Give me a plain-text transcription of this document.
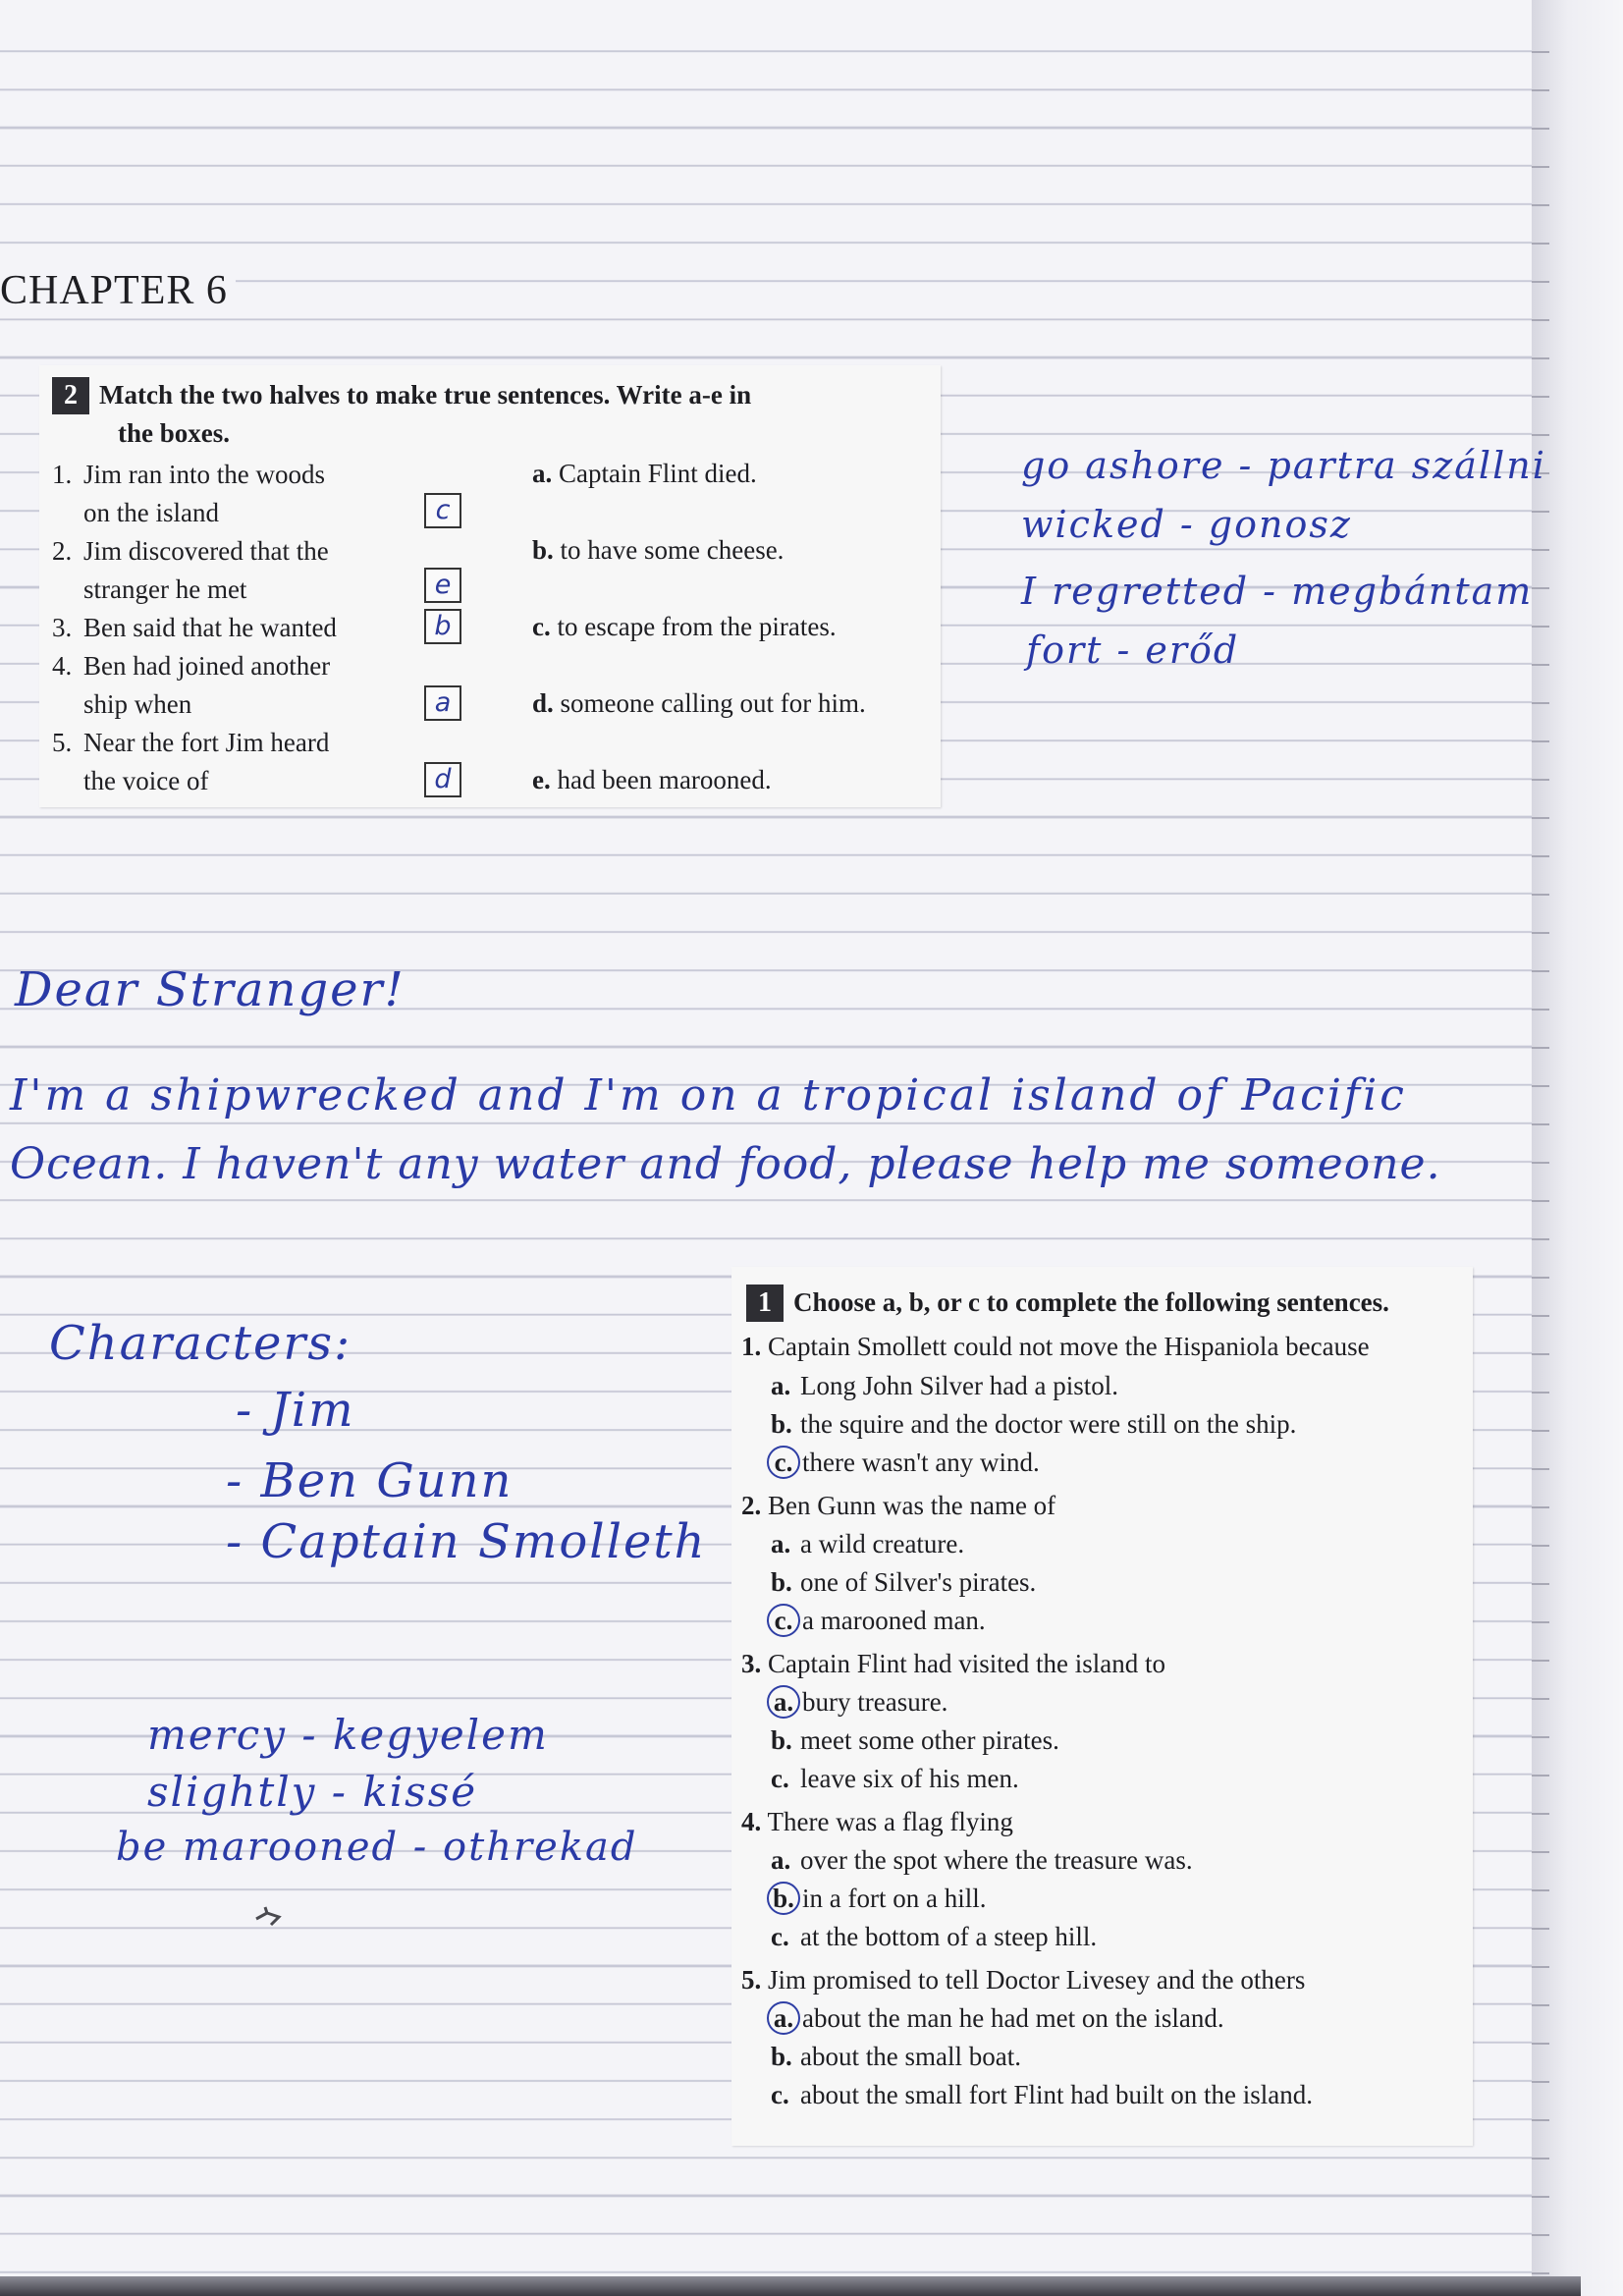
CHAPTER 6
2 Match the two halves to make true sentences. Write a-e in
the boxes.
1. Jim ran into the woods
on the island
2. Jim discovered that the
stranger he met
3. Ben said that he wanted
4. Ben had joined another
ship when
5. Near the fort Jim heard
the voice of
c
e
b
a
d
a. Captain Flint died.
b. to have some cheese.
c. to escape from the pirates.
d. someone calling out for him.
e. had been marooned.

go ashore - partra szállni

wicked - gonosz

I regretted - megbántam

fort - erőd

Dear Stranger!

I'm a shipwrecked and I'm on a tropical island of Pacific

Ocean. I haven't any water and food, please help me someone.

Characters:

- Jim

- Ben Gunn

- Captain Smolleth

mercy - kegyelem

slightly - kissé

be marooned - othrekad

1 Choose a, b, or c to complete the following sentences.
1. Captain Smollett could not move the Hispaniola because
a. Long John Silver had a pistol.
b. the squire and the doctor were still on the ship.
c. there wasn't any wind.
2. Ben Gunn was the name of
a. a wild creature.
b. one of Silver's pirates.
c. a marooned man.
3. Captain Flint had visited the island to
a. bury treasure.
b. meet some other pirates.
c. leave six of his men.
4. There was a flag flying
a. over the spot where the treasure was.
b. in a fort on a hill.
c. at the bottom of a steep hill.
5. Jim promised to tell Doctor Livesey and the others
a. about the man he had met on the island.
b. about the small boat.
c. about the small fort Flint had built on the island.
